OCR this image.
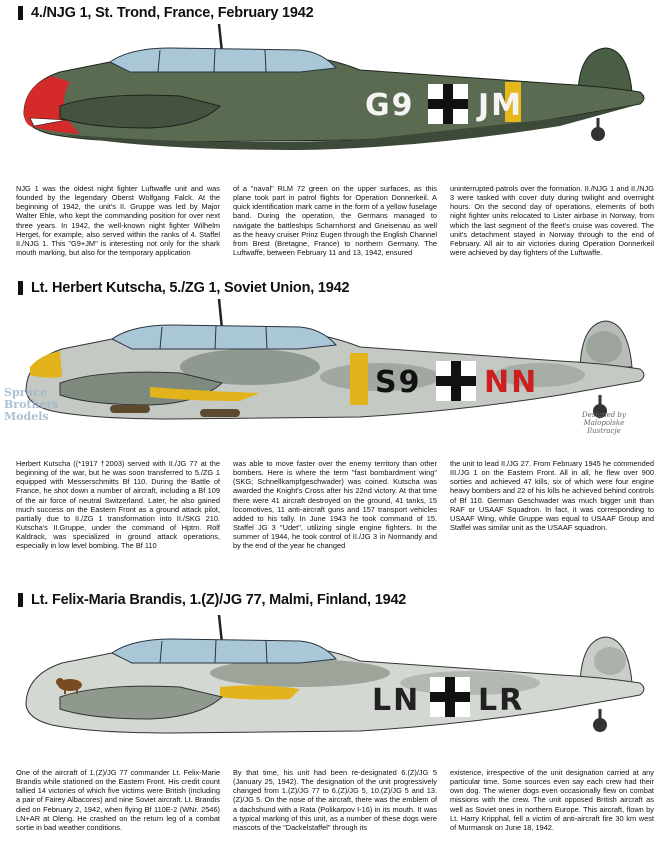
4./NJG 1, St. Trond, France, February 1942
G9 JM
NJG 1 was the oldest night fighter Luftwaffe unit and was founded by the legendary Oberst Wolfgang Falck. At the beginning of 1942, the unit's II. Gruppe was led by Major Walter Ehle, who kept the commanding position for over next three years. In 1942, the well-known night fighter Wilhelm Herget, for example, also served within the ranks of 4. Staffel II./NJG 1. This "G9+JM" is interesting not only for the shark mouth marking, but also for the temporary application
of a "naval" RLM 72 green on the upper surfaces, as this plane took part in patrol flights for Operation Donnerkeil. A quick identification mark came in the form of a yellow fuselage band. During the operation, the Germans managed to navigate the battleships Scharnhorst and Gneisenau as well as the heavy cruiser Prinz Eugen through the English Channel from Brest (Bretagne, France) to northern Germany. The Luftwaffe, between February 11 and 13, 1942, ensured
uninterrupted patrols over the formation. II./NJG 1 and II./NJG 3 were tasked with cover duty during twilight and overnight hours. On the second day of operations, elements of both night fighter units relocated to Lister airbase in Norway, from which the last segment of the fleet's cruise was covered. The unit's detachment stayed in Norway through to the end of February. All air to air victories during Operation Donnerkeil were achieved by day fighters of the Luftwaffe.
Lt. Herbert Kutscha, 5./ZG 1, Soviet Union, 1942
S9 NN
Spruce
Brothers
Models	Designed by
Malopolske
Ilustracje
Herbert Kutscha ((*1917 †2003) served with II./JG 77 at the beginning of the war, but he was soon transferred to 5./ZG 1 equipped with Messerschmitts Bf 110. During the Battle of France, he shot down a number of aircraft, including a Bf 109 of the air force of neutral Switzerland. Later, he also gained much success on the Eastern Front as a ground attack pilot, partially due to II./ZG 1 transformation into II./SKG 210. Kutscha's II.Gruppe, under the command of Hptm. Rolf Kaldrack, was specialized in ground attack operations, especially in low level bombing. The Bf 110
was able to move faster over the enemy territory than other bombers. Here is where the term "fast bombardment wing" (SKG; Schnellkampfgeschwader) was coined. Kutscha was awarded the Knight's Cross after his 22nd victory. At that time there were 41 aircraft destroyed on the ground, 41 tanks, 15 locomotives, 11 anti-aircraft guns and 157 transport vehicles added to his tally. In June 1943 he took command of 15. Staffel JG 3 "Udet", utilizing single engine fighters. In the summer of 1944, he took control of II./JG 3 in Normandy and by the end of the year he changed
the unit to lead II./JG 27. From February 1945 he commended III./JG 1 on the Eastern Front. All in all, he flew over 900 sorties and achieved 47 kills, six of which were four engine heavy bombers and 22 of his kills he achieved behind controls of Bf 110. German Geschwader was much bigger unit than RAF or USAAF Squadron. In fact, it was corresponding to USAAF Wing, while Gruppe was equal to USAAF Group and Staffel was similar unit as the USAAF squadron.
Lt. Felix-Maria Brandis, 1.(Z)/JG 77, Malmi, Finland, 1942
LN LR
One of the aircraft of 1.(Z)/JG 77 commander Lt. Felix-Marie Brandis while stationed on the Eastern Front. His credit count tallied 14 victories of which five victims were British (including a pair of Fairey Albacores) and nine Soviet aircraft. Lt. Brandis died on February 2, 1942, when flying Bf 110E-2 (WNr. 2546) LN+AR at Oleng. He crashed on the return leg of a combat sortie in bad weather conditions.
By that time, his unit had been re-designated 6.(Z)/JG 5 (January 25, 1942). The designation of the unit progressively changed from 1.(Z)/JG 77 to 6.(Z)/JG 5, 10.(Z)/JG 5 and 13.(Z)/JG 5. On the nose of the aircraft, there was the emblem of a dachshund with a Rata (Polikarpov I-16) in its mouth. It was a typical marking of this unit, as a number of these dogs were mascots of the "Dackelstaffel" through its
existence, irrespective of the unit designation carried at any particular time. Some sources even say each crew had their own dog. The wiener dogs even occasionally flew on combat missions with the crew. The unit opposed British aircraft as well as Soviet ones in northern Europe. This aircraft, flown by Lt. Harry Kripphal, fell a victim of anti-aircraft fire 30 km west of Murmansk on June 18, 1942.
